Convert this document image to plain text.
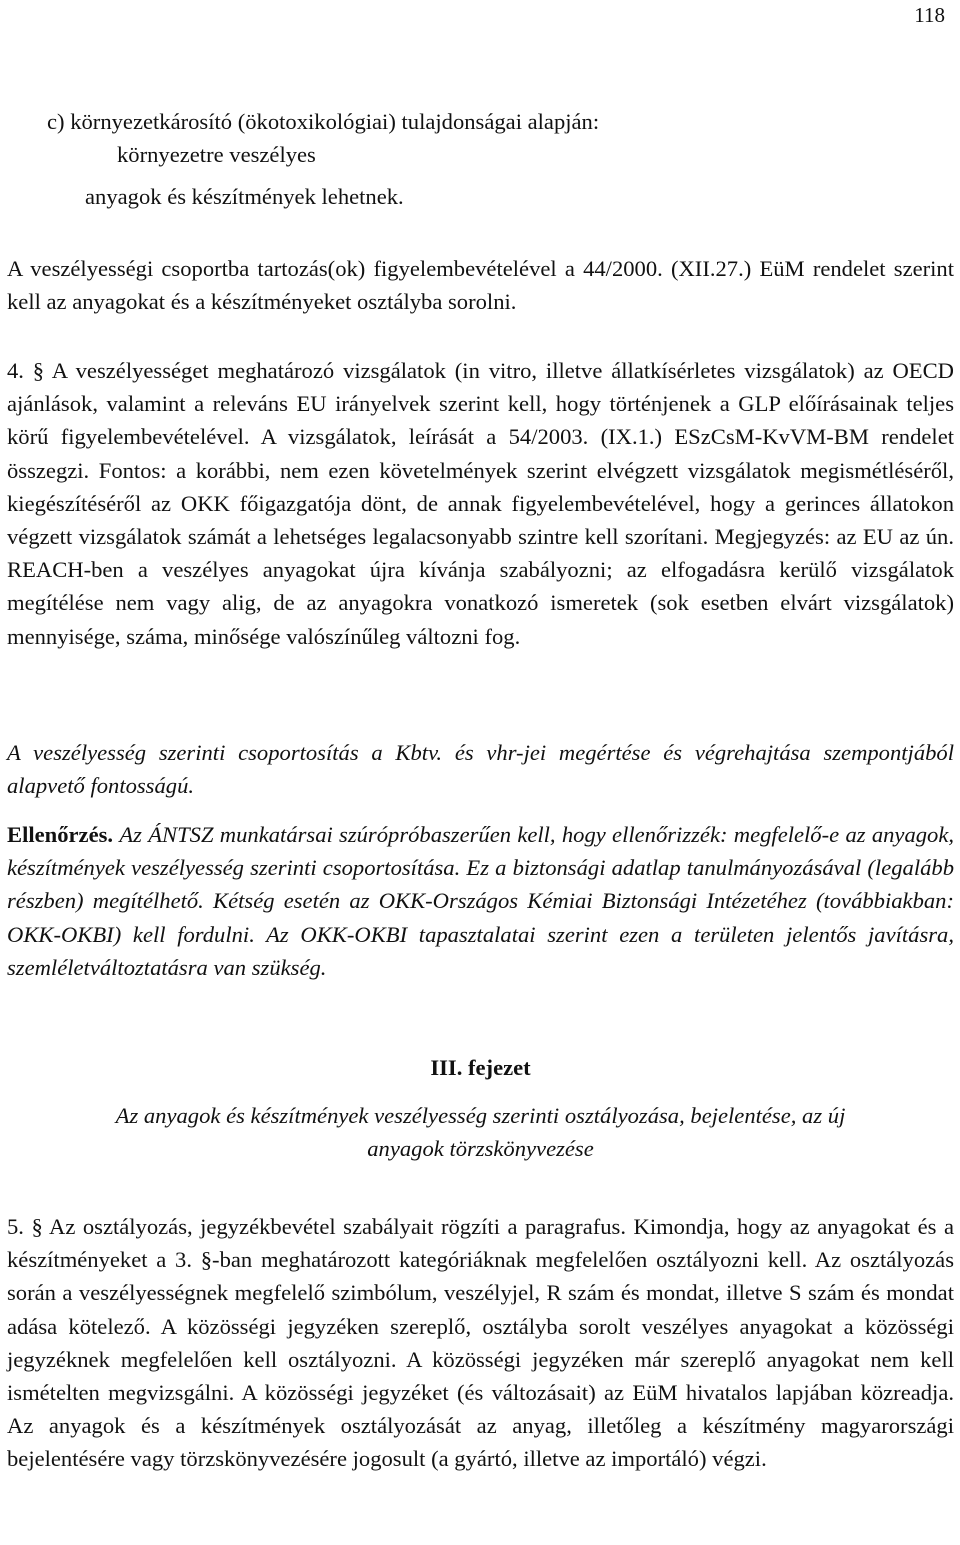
118
c) környezetkárosító (ökotoxikológiai) tulajdonságai alapján:
környezetre veszélyes
anyagok és készítmények lehetnek.
A veszélyességi csoportba tartozás(ok) figyelembevételével a 44/2000. (XII.27.) EüM rendelet szerint kell az anyagokat és a készítményeket osztályba sorolni.
4. § A veszélyességet meghatározó vizsgálatok (in vitro, illetve állatkísérletes vizsgálatok) az OECD ajánlások, valamint a releváns EU irányelvek szerint kell, hogy történjenek a GLP előírásainak teljes körű figyelembevételével. A vizsgálatok, leírását a 54/2003. (IX.1.) ESzCsM-KvVM-BM rendelet összegzi. Fontos: a korábbi, nem ezen követelmények szerint elvégzett vizsgálatok megismétléséről, kiegészítéséről az OKK főigazgatója dönt, de annak figyelembevételével, hogy a gerinces állatokon végzett vizsgálatok számát a lehetséges legalacsonyabb szintre kell szorítani. Megjegyzés: az EU az ún. REACH-ben a veszélyes anyagokat újra kívánja szabályozni; az elfogadásra kerülő vizsgálatok megítélése nem vagy alig, de az anyagokra vonatkozó ismeretek (sok esetben elvárt vizsgálatok) mennyisége, száma, minősége valószínűleg változni fog.
A veszélyesség szerinti csoportosítás a Kbtv. és vhr-jei megértése és végrehajtása szempontjából alapvető fontosságú.
Ellenőrzés. Az ÁNTSZ munkatársai szúrópróbaszerűen kell, hogy ellenőrizzék: megfelelő-e az anyagok, készítmények veszélyesség szerinti csoportosítása. Ez a biztonsági adatlap tanulmányozásával (legalább részben) megítélhető. Kétség esetén az OKK-Országos Kémiai Biztonsági Intézetéhez (továbbiakban: OKK-OKBI) kell fordulni. Az OKK-OKBI tapasztalatai szerint ezen a területen jelentős javításra, szemléletváltoztatásra van szükség.
III. fejezet
Az anyagok és készítmények veszélyesség szerinti osztályozása, bejelentése, az új
anyagok törzskönyvezése
5. § Az osztályozás, jegyzékbevétel szabályait rögzíti a paragrafus. Kimondja, hogy az anyagokat és a készítményeket a 3. §-ban meghatározott kategóriáknak megfelelően osztályozni kell. Az osztályozás során a veszélyességnek megfelelő szimbólum, veszélyjel, R szám és mondat, illetve S szám és mondat adása kötelező. A közösségi jegyzéken szereplő, osztályba sorolt veszélyes anyagokat a közösségi jegyzéknek megfelelően kell osztályozni. A közösségi jegyzéken már szereplő anyagokat nem kell ismételten megvizsgálni. A közösségi jegyzéket (és változásait) az EüM hivatalos lapjában közreadja. Az anyagok és a készítmények osztályozását az anyag, illetőleg a készítmény magyarországi bejelentésére vagy törzskönyvezésére jogosult (a gyártó, illetve az importáló) végzi.
